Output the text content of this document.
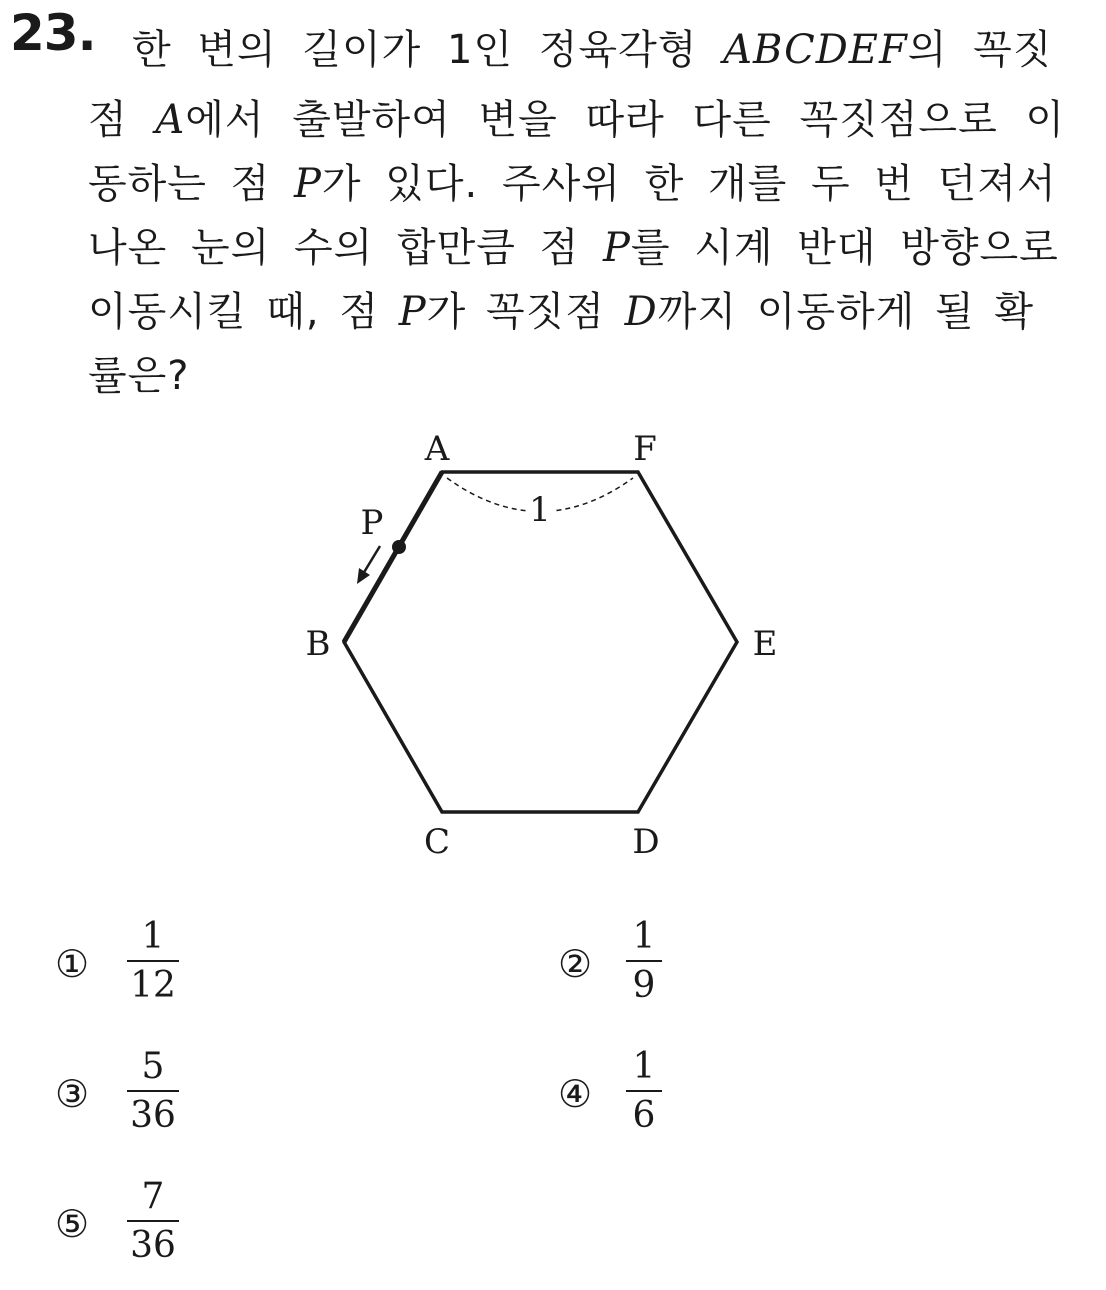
23. 한 변의 길이가 1인 정육각형 ABCDEF의 꼭짓
점 A에서 출발하여 변을 따라 다른 꼭짓점으로 이
동하는 점 P가 있다. 주사위 한 개를 두 번 던져서
나온 눈의 수의 합만큼 점 P를 시계 반대 방향으로
이동시킬 때, 점 P가 꼭짓점 D까지 이동하게 될 확
률은?
1
P
A	F
E
D
C
B
①
1
12	②
1
9
③
5
36	④
1
6
⑤
7
36
